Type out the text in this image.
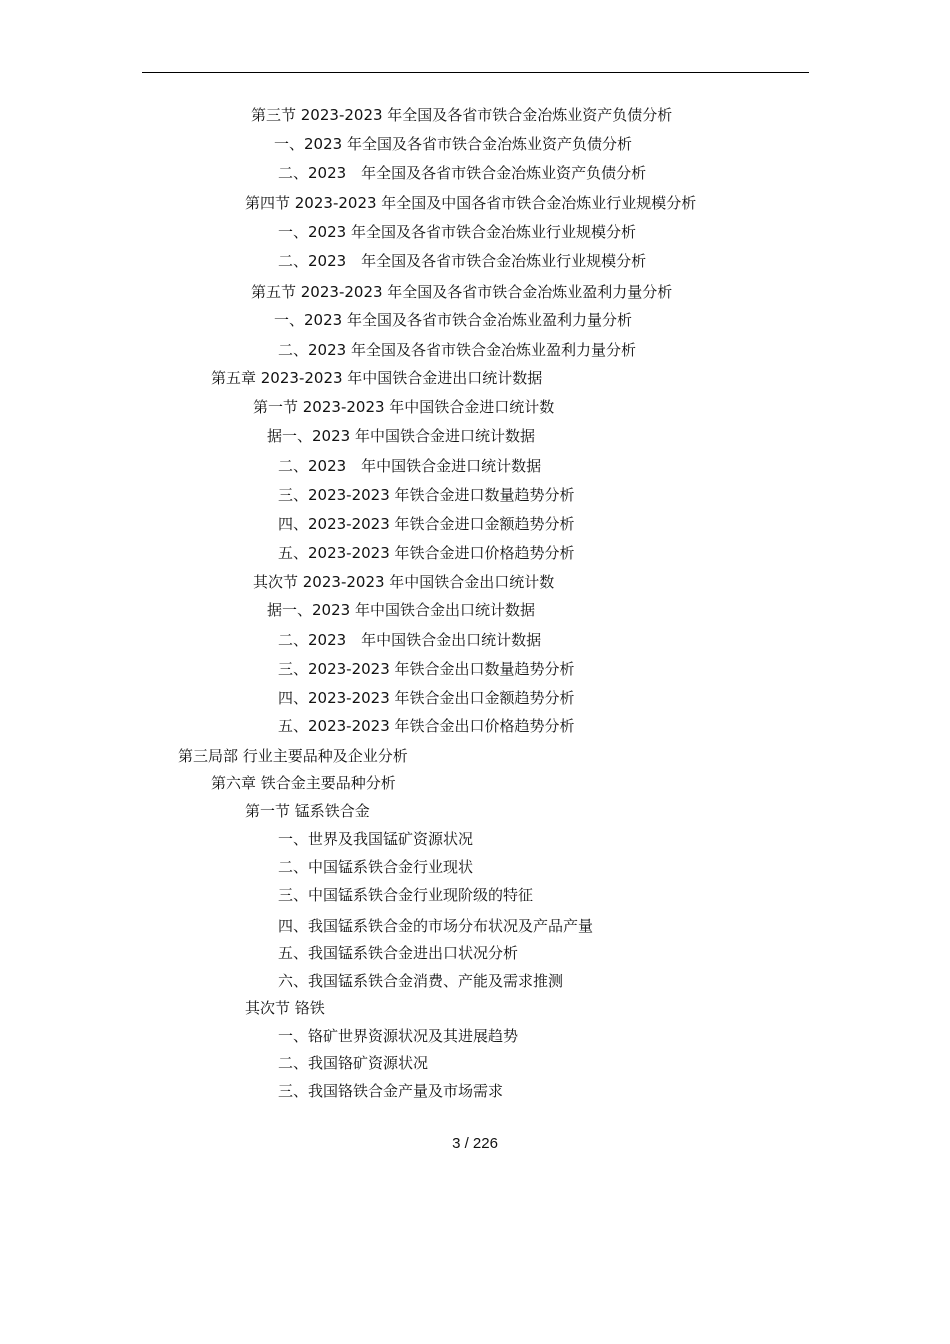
第三节 2023-2023 年全国及各省市铁合金冶炼业资产负债分析
一、2023 年全国及各省市铁合金冶炼业资产负债分析
二、2023　年全国及各省市铁合金冶炼业资产负债分析
第四节 2023-2023 年全国及中国各省市铁合金冶炼业行业规模分析
一、2023 年全国及各省市铁合金冶炼业行业规模分析
二、2023　年全国及各省市铁合金冶炼业行业规模分析
第五节 2023-2023 年全国及各省市铁合金冶炼业盈利力量分析
一、2023 年全国及各省市铁合金冶炼业盈利力量分析
二、2023 年全国及各省市铁合金冶炼业盈利力量分析
第五章 2023-2023 年中国铁合金进出口统计数据
第一节 2023-2023 年中国铁合金进口统计数
据一、2023 年中国铁合金进口统计数据
二、2023　年中国铁合金进口统计数据
三、2023-2023 年铁合金进口数量趋势分析
四、2023-2023 年铁合金进口金额趋势分析
五、2023-2023 年铁合金进口价格趋势分析
其次节 2023-2023 年中国铁合金出口统计数
据一、2023 年中国铁合金出口统计数据
二、2023　年中国铁合金出口统计数据
三、2023-2023 年铁合金出口数量趋势分析
四、2023-2023 年铁合金出口金额趋势分析
五、2023-2023 年铁合金出口价格趋势分析
第三局部 行业主要品种及企业分析
第六章 铁合金主要品种分析
第一节 锰系铁合金
一、世界及我国锰矿资源状况
二、中国锰系铁合金行业现状
三、中国锰系铁合金行业现阶级的特征
四、我国锰系铁合金的市场分布状况及产品产量
五、我国锰系铁合金进出口状况分析
六、我国锰系铁合金消费、产能及需求推测
其次节 铬铁
一、铬矿世界资源状况及其进展趋势
二、我国铬矿资源状况
三、我国铬铁合金产量及市场需求
3 / 226
